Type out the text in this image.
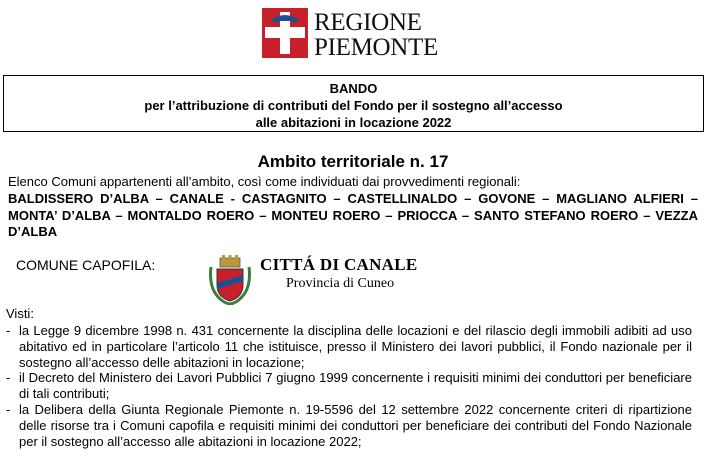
REGIONE
PIEMONTE
BANDO
per l’attribuzione di contributi del Fondo per il sostegno all’accesso
alle abitazioni in locazione 2022
Ambito territoriale n. 17
Elenco Comuni appartenenti all’ambito, così come individuati dai provvedimenti regionali:
BALDISSERO D’ALBA – CANALE - CASTAGNITO – CASTELLINALDO – GOVONE – MAGLIANO ALFIERI – MONTA’ D’ALBA – MONTALDO ROERO – MONTEU ROERO – PRIOCCA – SANTO STEFANO ROERO – VEZZA D’ALBA
COMUNE CAPOFILA:	CITTÁ DI CANALE
Provincia di Cuneo
Visti:
- la Legge 9 dicembre 1998 n. 431 concernente la disciplina delle locazioni e del rilascio degli immobili adibiti ad uso abitativo ed in particolare l’articolo 11 che istituisce, presso il Ministero dei lavori pubblici, il Fondo nazionale per il sostegno all’accesso delle abitazioni in locazione;
- il Decreto del Ministero dei Lavori Pubblici 7 giugno 1999 concernente i requisiti minimi dei conduttori per beneficiare di tali contributi;
- la Delibera della Giunta Regionale Piemonte n. 19-5596 del 12 settembre 2022 concernente criteri di ripartizione delle risorse tra i Comuni capofila e requisiti minimi dei conduttori per beneficiare dei contributi del Fondo Nazionale per il sostegno all’accesso alle abitazioni in locazione 2022;
